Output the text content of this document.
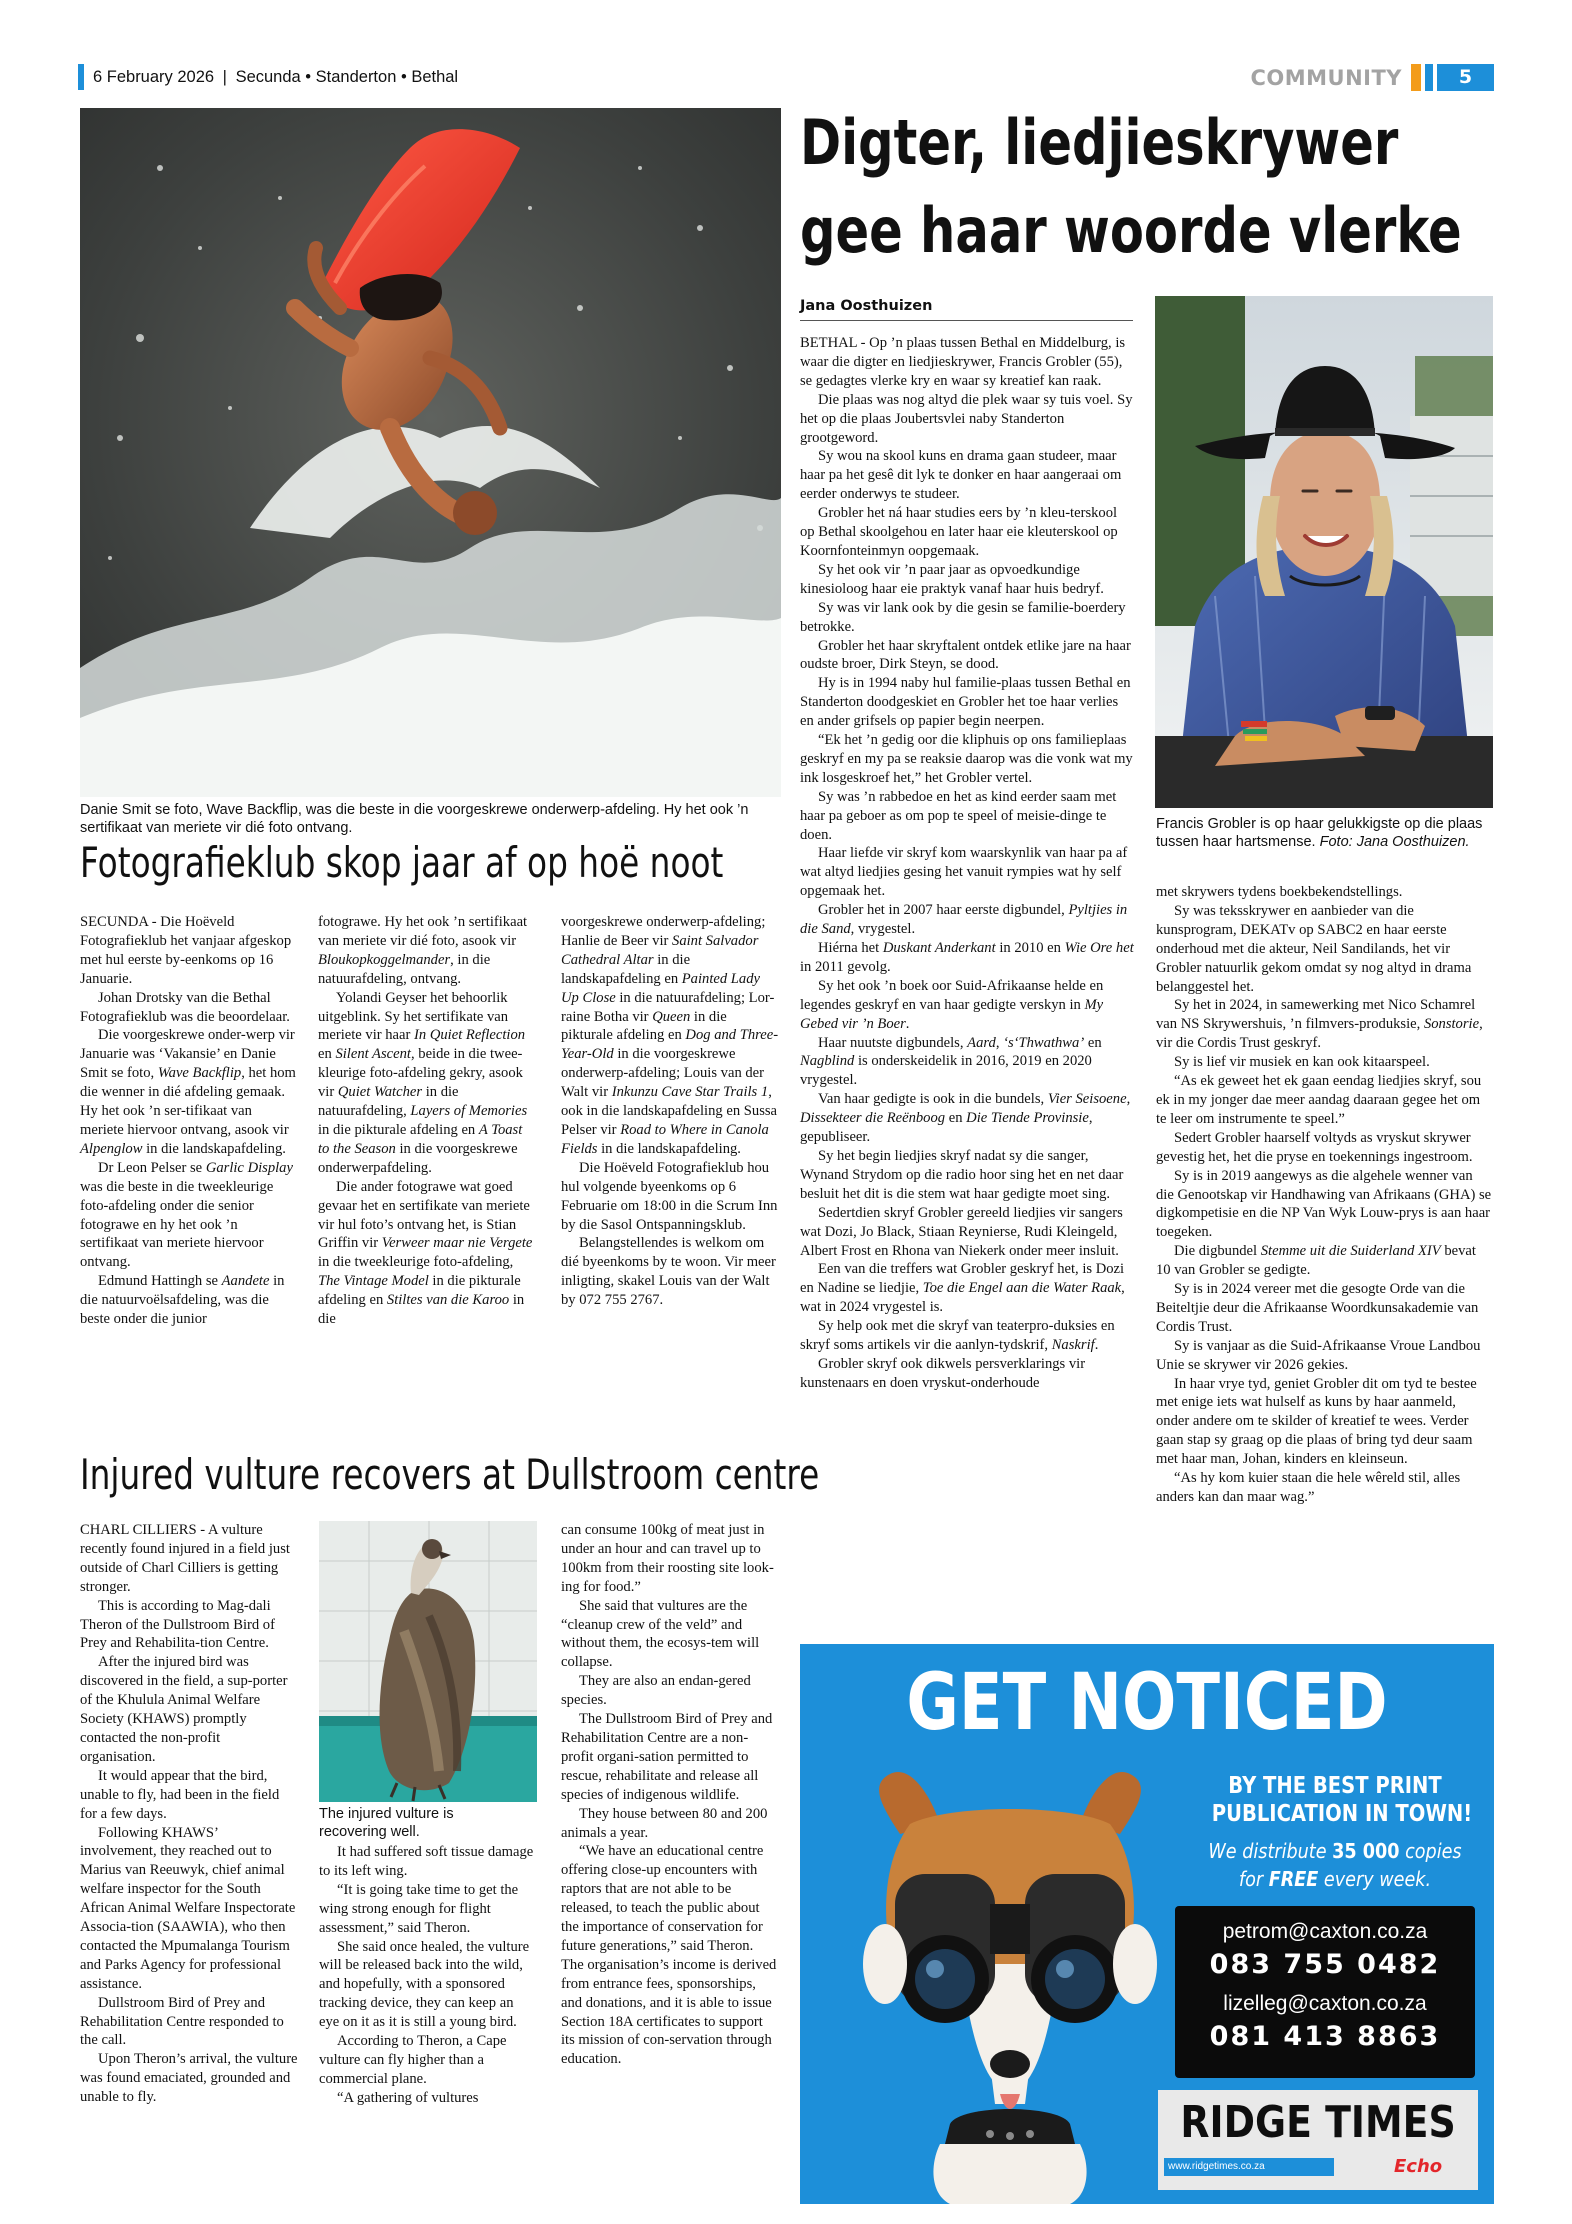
6 February 2026 | Secunda • Standerton • Bethal	COMMUNITY	5
Danie Smit se foto, Wave Backflip, was die beste in die voorgeskrewe onderwerp-afdeling. Hy het ook ’n sertifikaat van meriete vir dié foto ontvang.
Fotografieklub skop jaar af op hoë noot

SECUNDA - Die Hoëveld Fotografieklub het vanjaar afgeskop met hul eerste by-eenkoms op 16 Januarie.

Johan Drotsky van die Bethal Fotografieklub was die beoordelaar.

Die voorgeskrewe onder-werp vir Januarie was ‘Vakansie’ en Danie Smit se foto, Wave Backflip, het hom die wenner in dié afdeling gemaak. Hy het ook ’n ser-tifikaat van meriete hiervoor ontvang, asook vir Alpenglow in die landskapafdeling.

Dr Leon Pelser se Garlic Display was die beste in die tweekleurige foto-afdeling onder die senior fotograwe en hy het ook ’n sertifikaat van meriete hiervoor ontvang.

Edmund Hattingh se Aandete in die natuurvoëlsafdeling, was die beste onder die junior

fotograwe. Hy het ook ’n sertifikaat van meriete vir dié foto, asook vir Bloukopkoggelmander, in die natuurafdeling, ontvang.

Yolandi Geyser het behoorlik uitgeblink. Sy het sertifikate van meriete vir haar In Quiet Reflection en Silent Ascent, beide in die twee-kleurige foto-afdeling gekry, asook vir Quiet Watcher in die natuurafdeling, Layers of Memories in die pikturale afdeling en A Toast to the Season in die voorgeskrewe onderwerpafdeling.

Die ander fotograwe wat goed gevaar het en sertifikate van meriete vir hul foto’s ontvang het, is Stian Griffin vir Verweer maar nie Vergete in die tweekleurige foto-afdeling, The Vintage Model in die pikturale afdeling en Stiltes van die Karoo in die

voorgeskrewe onderwerp-afdeling; Hanlie de Beer vir Saint Salvador Cathedral Altar in die landskapafdeling en Painted Lady Up Close in die natuurafdeling; Lor-raine Botha vir Queen in die pikturale afdeling en Dog and Three-Year-Old in die voorgeskrewe onderwerp-afdeling; Louis van der Walt vir Inkunzu Cave Star Trails 1, ook in die landskapafdeling en Sussa Pelser vir Road to Where in Canola Fields in die landskapafdeling.

Die Hoëveld Fotografieklub hou hul volgende byeenkoms op 6 Februarie om 18:00 in die Scrum Inn by die Sasol Ontspanningsklub.

Belangstellendes is welkom om dié byeenkoms by te woon. Vir meer inligting, skakel Louis van der Walt by 072 755 2767.

Injured vulture recovers at Dullstroom centre

CHARL CILLIERS - A vulture recently found injured in a field just outside of Charl Cilliers is getting stronger.

This is according to Mag-dali Theron of the Dullstroom Bird of Prey and Rehabilita-tion Centre.

After the injured bird was discovered in the field, a sup-porter of the Khulula Animal Welfare Society (KHAWS) promptly contacted the non-profit organisation.

It would appear that the bird, unable to fly, had been in the field for a few days.

Following KHAWS’ involvement, they reached out to Marius van Reeuwyk, chief animal welfare inspector for the South African Animal Welfare Inspectorate Associa-tion (SAAWIA), who then contacted the Mpumalanga Tourism and Parks Agency for professional assistance.

Dullstroom Bird of Prey and Rehabilitation Centre responded to the call.

Upon Theron’s arrival, the vulture was found emaciated, grounded and unable to fly.

The injured vulture is recovering well.

It had suffered soft tissue damage to its left wing.

“It is going take time to get the wing strong enough for flight assessment,” said Theron.

She said once healed, the vulture will be released back into the wild, and hopefully, with a sponsored tracking device, they can keep an eye on it as it is still a young bird.

According to Theron, a Cape vulture can fly higher than a commercial plane.

“A gathering of vultures

can consume 100kg of meat just in under an hour and can travel up to 100km from their roosting site look-ing for food.”

She said that vultures are the “cleanup crew of the veld” and without them, the ecosys-tem will collapse.

They are also an endan-gered species.

The Dullstroom Bird of Prey and Rehabilitation Centre are a non-profit organi-sation permitted to rescue, rehabilitate and release all species of indigenous wildlife.

They house between 80 and 200 animals a year.

“We have an educational centre offering close-up encounters with raptors that are not able to be released, to teach the public about the importance of conservation for future generations,” said Theron. The organisation’s income is derived from entrance fees, sponsorships, and donations, and it is able to issue Section 18A certificates to support its mission of con-servation through education.

Digter, liedjieskrywer
gee haar woorde vlerke
Jana Oosthuizen
Francis Grobler is op haar gelukkigste op die plaas tussen haar hartsmense. Foto: Jana Oosthuizen.

BETHAL - Op ’n plaas tussen Bethal en Middelburg, is waar die digter en liedjieskrywer, Francis Grobler (55), se gedagtes vlerke kry en waar sy kreatief kan raak.

Die plaas was nog altyd die plek waar sy tuis voel. Sy het op die plaas Joubertsvlei naby Standerton grootgeword.

Sy wou na skool kuns en drama gaan studeer, maar haar pa het gesê dit lyk te donker en haar aangeraai om eerder onderwys te studeer.

Grobler het ná haar studies eers by ’n kleu-terskool op Bethal skoolgehou en later haar eie kleuterskool op Koornfonteinmyn oopgemaak.

Sy het ook vir ’n paar jaar as opvoedkundige kinesioloog haar eie praktyk vanaf haar huis bedryf.

Sy was vir lank ook by die gesin se familie-boerdery betrokke.

Grobler het haar skryftalent ontdek etlike jare na haar oudste broer, Dirk Steyn, se dood.

Hy is in 1994 naby hul familie-plaas tussen Bethal en Standerton doodgeskiet en Grobler het toe haar verlies en ander grifsels op papier begin neerpen.

“Ek het ’n gedig oor die kliphuis op ons familieplaas geskryf en my pa se reaksie daarop was die vonk wat my ink losgeskroef het,” het Grobler vertel.

Sy was ’n rabbedoe en het as kind eerder saam met haar pa geboer as om pop te speel of meisie-dinge te doen.

Haar liefde vir skryf kom waarskynlik van haar pa af wat altyd liedjies gesing het vanuit rympies wat hy self opgemaak het.

Grobler het in 2007 haar eerste digbundel, Pyltjies in die Sand, vrygestel.

Hiérna het Duskant Anderkant in 2010 en Wie Ore het in 2011 gevolg.

Sy het ook ’n boek oor Suid-Afrikaanse helde en legendes geskryf en van haar gedigte verskyn in My Gebed vir ’n Boer.

Haar nuutste digbundels, Aard, ‘s‘Thwathwa’ en Nagblind is onderskeidelik in 2016, 2019 en 2020 vrygestel.

Van haar gedigte is ook in die bundels, Vier Seisoene, Dissekteer die Reënboog en Die Tiende Provinsie, gepubliseer.

Sy het begin liedjies skryf nadat sy die sanger, Wynand Strydom op die radio hoor sing het en net daar besluit het dit is die stem wat haar gedigte moet sing.

Sedertdien skryf Grobler gereeld liedjies vir sangers wat Dozi, Jo Black, Stiaan Reynierse, Rudi Kleingeld, Albert Frost en Rhona van Niekerk onder meer insluit.

Een van die treffers wat Grobler geskryf het, is Dozi en Nadine se liedjie, Toe die Engel aan die Water Raak, wat in 2024 vrygestel is.

Sy help ook met die skryf van teaterpro-duksies en skryf soms artikels vir die aanlyn-tydskrif, Naskrif.

Grobler skryf ook dikwels persverklarings vir kunstenaars en doen vryskut-onderhoude

met skrywers tydens boekbekendstellings.

Sy was teksskrywer en aanbieder van die kunsprogram, DEKATv op SABC2 en haar eerste onderhoud met die akteur, Neil Sandilands, het vir Grobler natuurlik gekom omdat sy nog altyd in drama belanggestel het.

Sy het in 2024, in samewerking met Nico Schamrel van NS Skrywershuis, ’n filmvers-produksie, Sonstorie, vir die Cordis Trust geskryf.

Sy is lief vir musiek en kan ook kitaarspeel.

“As ek geweet het ek gaan eendag liedjies skryf, sou ek in my jonger dae meer aandag daaraan gegee het om te leer om instrumente te speel.”

Sedert Grobler haarself voltyds as vryskut skrywer gevestig het, het die pryse en toekennings ingestroom.

Sy is in 2019 aangewys as die algehele wenner van die Genootskap vir Handhawing van Afrikaans (GHA) se digkompetisie en die NP Van Wyk Louw-prys is aan haar toegeken.

Die digbundel Stemme uit die Suiderland XIV bevat 10 van Grobler se gedigte.

Sy is in 2024 vereer met die gesogte Orde van die Beiteltjie deur die Afrikaanse Woordkunsakademie van Cordis Trust.

Sy is vanjaar as die Suid-Afrikaanse Vroue Landbou Unie se skrywer vir 2026 gekies.

In haar vrye tyd, geniet Grobler dit om tyd te bestee met enige iets wat hulself as kuns by haar aanmeld, onder andere om te skilder of kreatief te wees. Verder gaan stap sy graag op die plaas of bring tyd deur saam met haar man, Johan, kinders en kleinseun.

“As hy kom kuier staan die hele wêreld stil, alles anders kan dan maar wag.”

GET NOTICED
BY THE BEST PRINT
PUBLICATION IN TOWN!
We distribute 35 000 copies
for FREE every week.
petrom@caxton.co.za
083 755 0482
lizelleg@caxton.co.za
081 413 8863
RIDGE TIMES
www.ridgetimes.co.za	Echo
